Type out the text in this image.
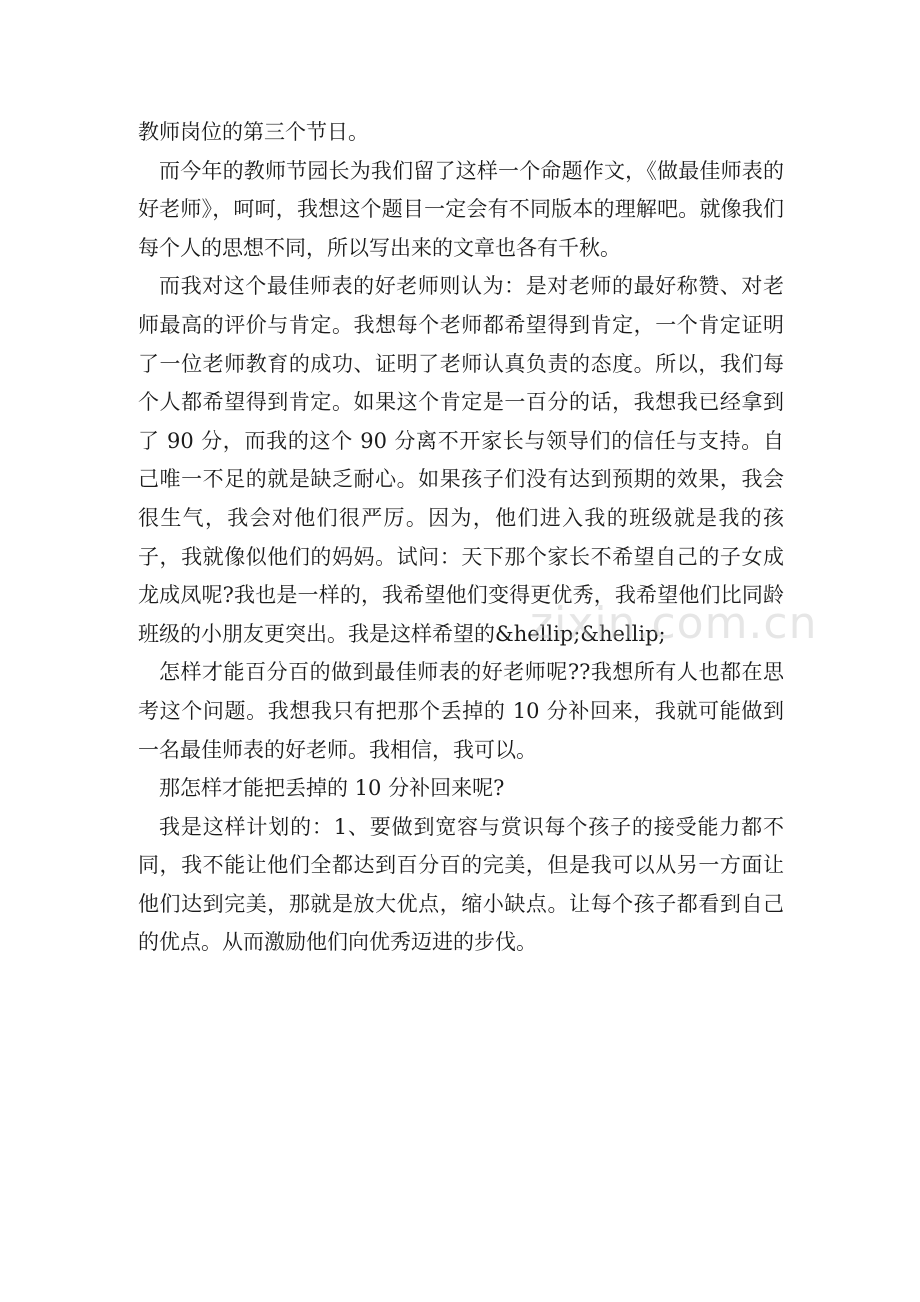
教师岗位的第三个节日。

而今年的教师节园长为我们留了这样一个命题作文，《做最佳师表的好老师》，呵呵，我想这个题目一定会有不同版本的理解吧。就像我们每个人的思想不同，所以写出来的文章也各有千秋。

而我对这个最佳师表的好老师则认为：是对老师的最好称赞、对老师最高的评价与肯定。我想每个老师都希望得到肯定，一个肯定证明了一位老师教育的成功、证明了老师认真负责的态度。所以，我们每个人都希望得到肯定。如果这个肯定是一百分的话，我想我已经拿到了 90 分，而我的这个 90 分离不开家长与领导们的信任与支持。自己唯一不足的就是缺乏耐心。如果孩子们没有达到预期的效果，我会很生气，我会对他们很严厉。因为，他们进入我的班级就是我的孩子，我就像似他们的妈妈。试问：天下那个家长不希望自己的子女成龙成凤呢?我也是一样的，我希望他们变得更优秀，我希望他们比同龄班级的小朋友更突出。我是这样希望的&hellip;&hellip;

怎样才能百分百的做到最佳师表的好老师呢??我想所有人也都在思考这个问题。我想我只有把那个丢掉的 10 分补回来，我就可能做到一名最佳师表的好老师。我相信，我可以。

那怎样才能把丢掉的 10 分补回来呢?

我是这样计划的：1、要做到宽容与赏识每个孩子的接受能力都不同，我不能让他们全都达到百分百的完美，但是我可以从另一方面让他们达到完美，那就是放大优点，缩小缺点。让每个孩子都看到自己的优点。从而激励他们向优秀迈进的步伐。

zixin.com.cn
